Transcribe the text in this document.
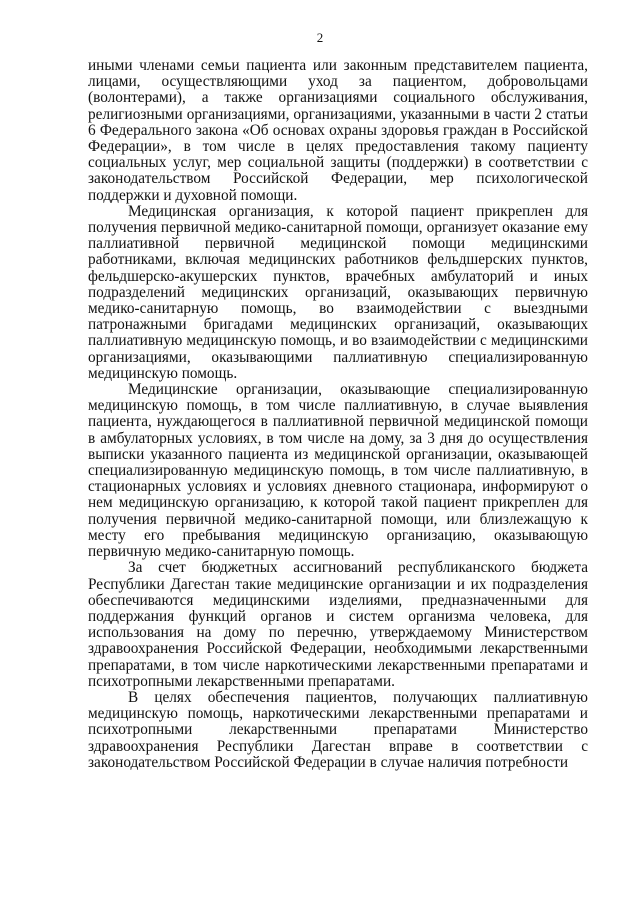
2

иными членами семьи пациента или законным представителем пациента, лицами, осуществляющими уход за пациентом, добровольцами (волонтерами), а также организациями социального обслуживания, религиозными организациями, организациями, указанными в части 2 статьи 6 Федерального закона «Об основах охраны здоровья граждан в Российской Федерации», в том числе в целях предоставления такому пациенту социальных услуг, мер социальной защиты (поддержки) в соответствии с законодательством Российской Федерации, мер психологической поддержки и духовной помощи.

Медицинская организация, к которой пациент прикреплен для получения первичной медико-санитарной помощи, организует оказание ему паллиативной первичной медицинской помощи медицинскими работниками, включая медицинских работников фельдшерских пунктов, фельдшерско-акушерских пунктов, врачебных амбулаторий и иных подразделений медицинских организаций, оказывающих первичную медико-санитарную помощь, во взаимодействии с выездными патронажными бригадами медицинских организаций, оказывающих паллиативную медицинскую помощь, и во взаимодействии с медицинскими организациями, оказывающими паллиативную специализированную медицинскую помощь.

Медицинские организации, оказывающие специализированную медицинскую помощь, в том числе паллиативную, в случае выявления пациента, нуждающегося в паллиативной первичной медицинской помощи в амбулаторных условиях, в том числе на дому, за 3 дня до осуществления выписки указанного пациента из медицинской организации, оказывающей специализированную медицинскую помощь, в том числе паллиативную, в стационарных условиях и условиях дневного стационара, информируют о нем медицинскую организацию, к которой такой пациент прикреплен для получения первичной медико-санитарной помощи, или близлежащую к месту его пребывания медицинскую организацию, оказывающую первичную медико-санитарную помощь.

За счет бюджетных ассигнований республиканского бюджета Республики Дагестан такие медицинские организации и их подразделения обеспечиваются медицинскими изделиями, предназначенными для поддержания функций органов и систем организма человека, для использования на дому по перечню, утверждаемому Министерством здравоохранения Российской Федерации, необходимыми лекарственными препаратами, в том числе наркотическими лекарственными препаратами и психотропными лекарственными препаратами.

В целях обеспечения пациентов, получающих паллиативную медицинскую помощь, наркотическими лекарственными препаратами и психотропными лекарственными препаратами Министерство здравоохранения Республики Дагестан вправе в соответствии с законодательством Российской Федерации в случае наличия потребности
